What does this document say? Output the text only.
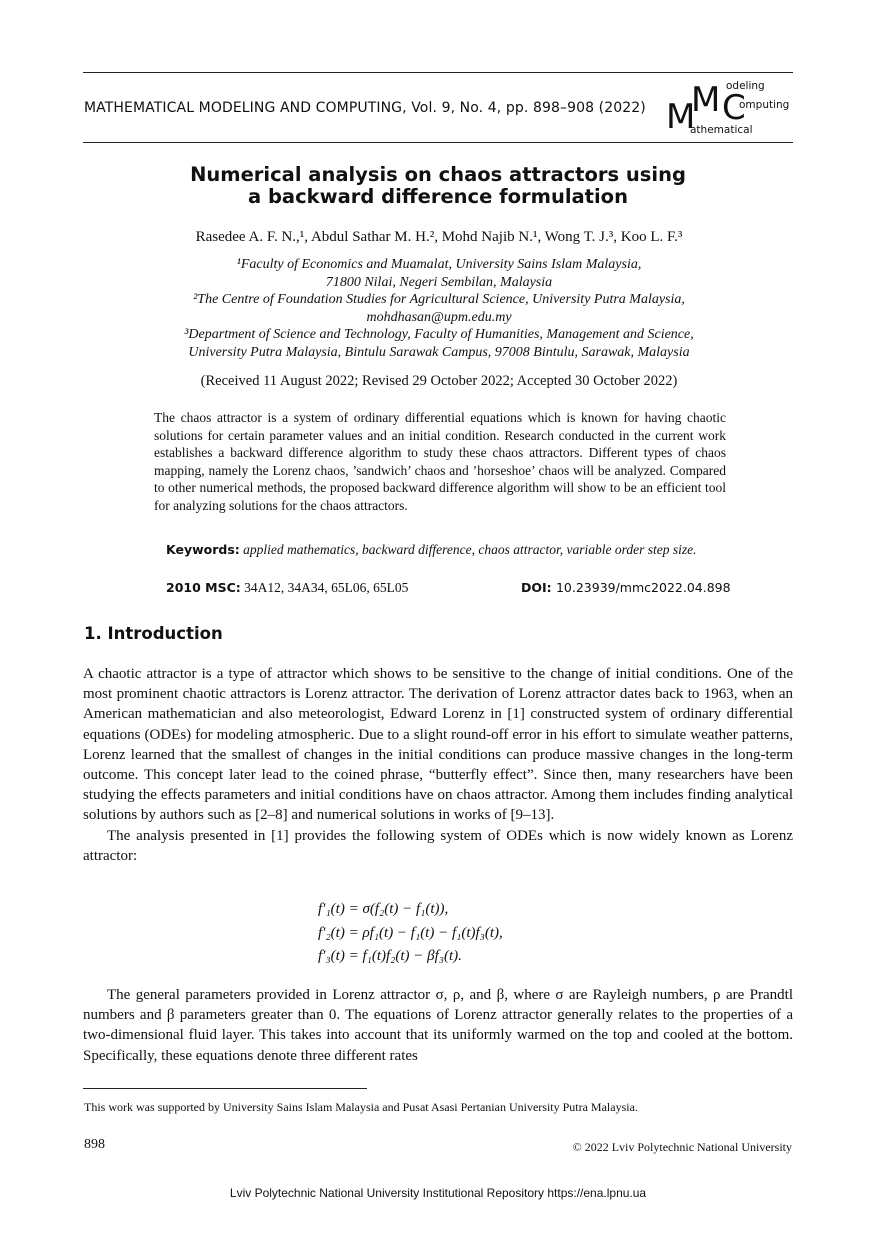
MATHEMATICAL MODELING AND COMPUTING, Vol. 9, No. 4, pp. 898–908 (2022) M
M C
odeling
omputing
athematical
Numerical analysis on chaos attractors using
a backward difference formulation
Rasedee A. F. N.,¹, Abdul Sathar M. H.², Mohd Najib N.¹, Wong T. J.³, Koo L. F.³
¹Faculty of Economics and Muamalat, University Sains Islam Malaysia,
71800 Nilai, Negeri Sembilan, Malaysia
²The Centre of Foundation Studies for Agricultural Science, University Putra Malaysia,
mohdhasan@upm.edu.my
³Department of Science and Technology, Faculty of Humanities, Management and Science,
University Putra Malaysia, Bintulu Sarawak Campus, 97008 Bintulu, Sarawak, Malaysia
(Received 11 August 2022; Revised 29 October 2022; Accepted 30 October 2022)
The chaos attractor is a system of ordinary differential equations which is known for having chaotic solutions for certain parameter values and an initial condition. Research conducted in the current work establishes a backward difference algorithm to study these chaos attractors. Different types of chaos mapping, namely the Lorenz chaos, ’sandwich’ chaos and ’horseshoe’ chaos will be analyzed. Compared to other numerical methods, the proposed backward difference algorithm will show to be an efficient tool for analyzing solutions for the chaos attractors.
Keywords: applied mathematics, backward difference, chaos attractor, variable order step size.
2010 MSC: 34A12, 34A34, 65L06, 65L05	DOI: 10.23939/mmc2022.04.898
1. Introduction

A chaotic attractor is a type of attractor which shows to be sensitive to the change of initial conditions. One of the most prominent chaotic attractors is Lorenz attractor. The derivation of Lorenz attractor dates back to 1963, when an American mathematician and also meteorologist, Edward Lorenz in [1] constructed system of ordinary differential equations (ODEs) for modeling atmospheric. Due to a slight round-off error in his effort to simulate weather patterns, Lorenz learned that the smallest of changes in the initial conditions can produce massive changes in the long-term outcome. This concept later lead to the coined phrase, “butterfly effect”. Since then, many researchers have been studying the effects parameters and initial conditions have on chaos attractor. Among them includes finding analytical solutions by authors such as [2–8] and numerical solutions in works of [9–13].

The analysis presented in [1] provides the following system of ODEs which is now widely known as Lorenz attractor:

f′₁(t) = σ(f₂(t) − f₁(t)),
f′₂(t) = ρf₁(t) − f₁(t) − f₁(t)f₃(t),
f′₃(t) = f₁(t)f₂(t) − βf₃(t).

The general parameters provided in Lorenz attractor σ, ρ, and β, where σ are Rayleigh numbers, ρ are Prandtl numbers and β parameters greater than 0. The equations of Lorenz attractor generally relates to the properties of a two-dimensional fluid layer. This takes into account that its uniformly warmed on the top and cooled at the bottom. Specifically, these equations denote three different rates

This work was supported by University Sains Islam Malaysia and Pusat Asasi Pertanian University Putra Malaysia.
898	© 2022 Lviv Polytechnic National University
Lviv Polytechnic National University Institutional Repository https://ena.lpnu.ua
